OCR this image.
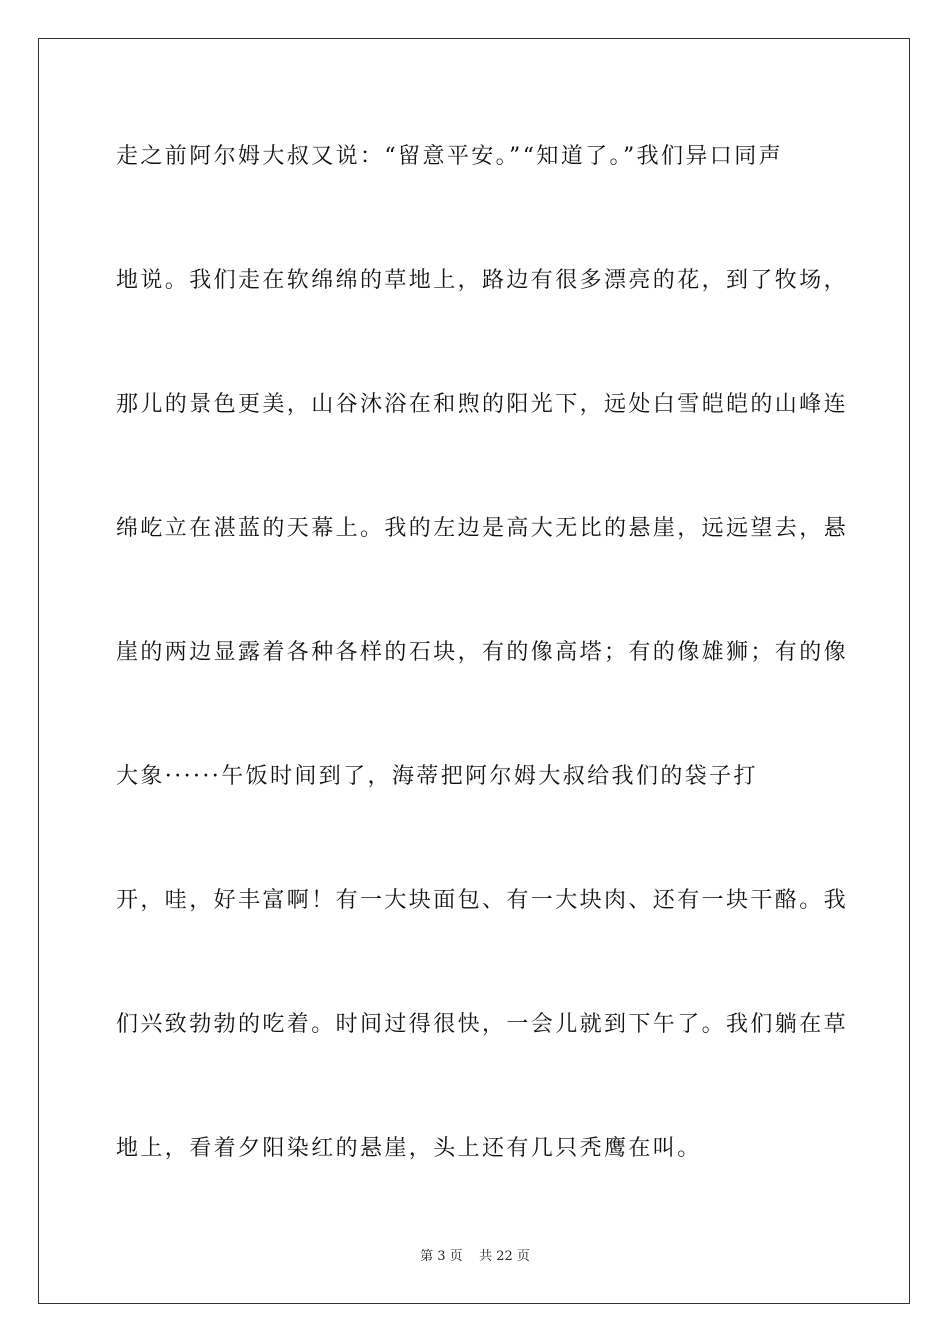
走之前阿尔姆大叔又说：“留意平安。”“知道了。”我们异口同声
地说。我们走在软绵绵的草地上，路边有很多漂亮的花，到了牧场，
那儿的景色更美，山谷沐浴在和煦的阳光下，远处白雪皑皑的山峰连
绵屹立在湛蓝的天幕上。我的左边是高大无比的悬崖，远远望去，悬
崖的两边显露着各种各样的石块，有的像高塔；有的像雄狮；有的像
大象······午饭时间到了，海蒂把阿尔姆大叔给我们的袋子打
开，哇，好丰富啊！有一大块面包、有一大块肉、还有一块干酪。我
们兴致勃勃的吃着。时间过得很快，一会儿就到下午了。我们躺在草
地上，看着夕阳染红的悬崖，头上还有几只秃鹰在叫。
第 3 页    共 22 页
